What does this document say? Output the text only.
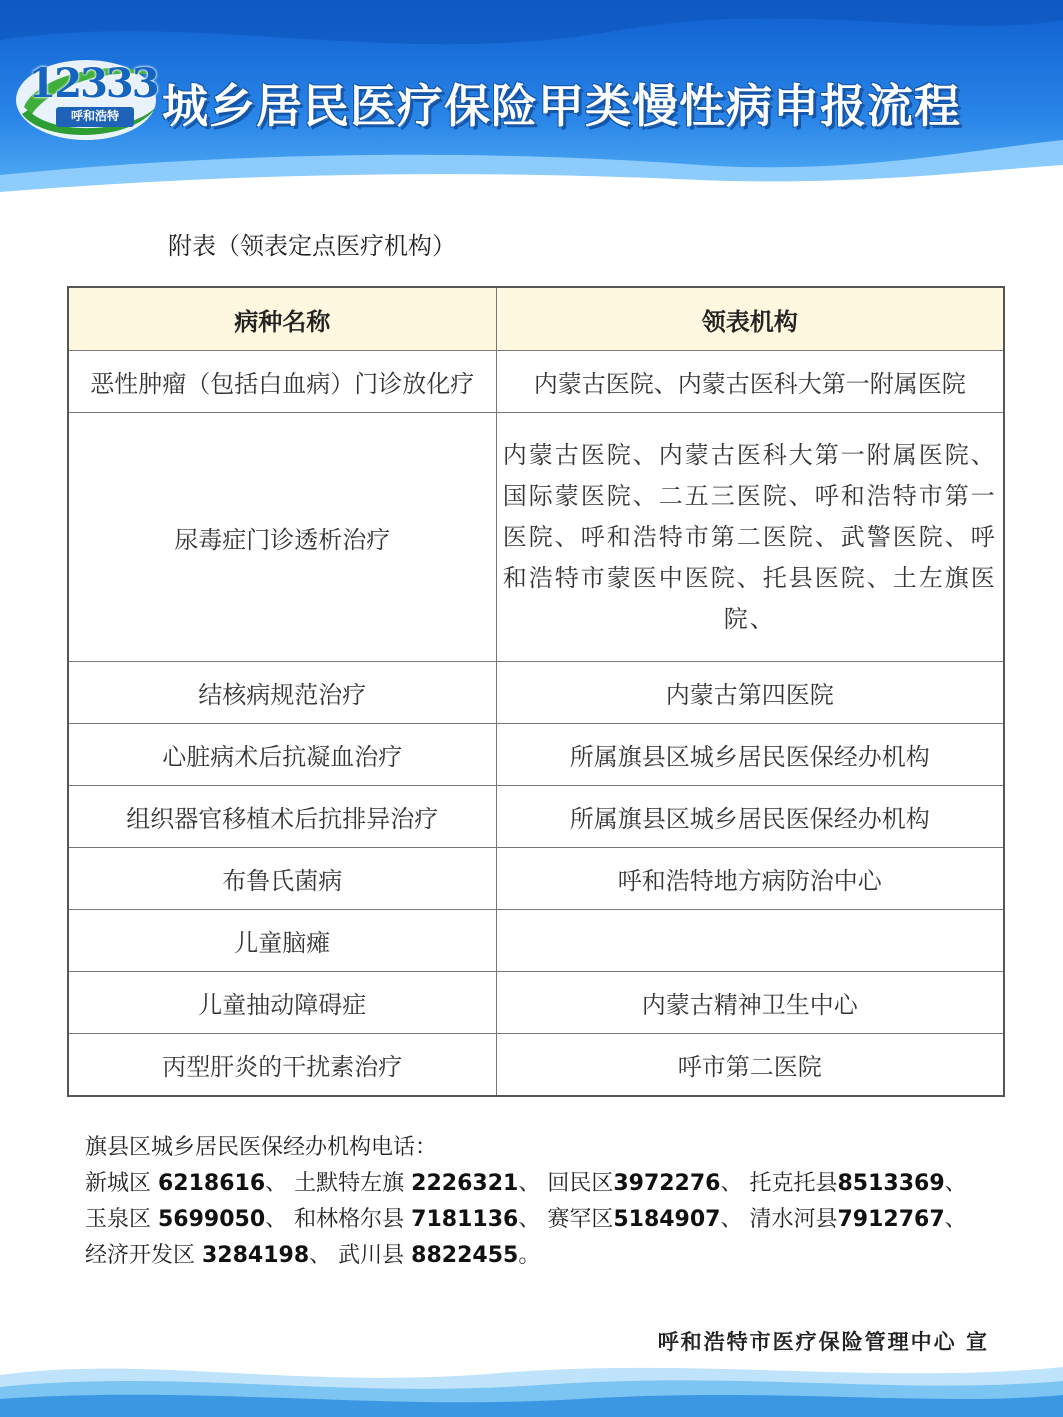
12333
呼和浩特 城乡居民医疗保险甲类慢性病申报流程
附表（领表定点医疗机构）
病种名称	领表机构
恶性肿瘤（包括白血病）门诊放化疗	内蒙古医院、内蒙古医科大第一附属医院
尿毒症门诊透析治疗	内蒙古医院、内蒙古医科大第一附属医院、国际蒙医院、二五三医院、呼和浩特市第一医院、呼和浩特市第二医院、武警医院、呼和浩特市蒙医中医院、托县医院、土左旗医院、
结核病规范治疗	内蒙古第四医院
心脏病术后抗凝血治疗	所属旗县区城乡居民医保经办机构
组织器官移植术后抗排异治疗	所属旗县区城乡居民医保经办机构
布鲁氏菌病	呼和浩特地方病防治中心
儿童脑瘫	
儿童抽动障碍症	内蒙古精神卫生中心
丙型肝炎的干扰素治疗	呼市第二医院
旗县区城乡居民医保经办机构电话：
新城区 6218616、 土默特左旗 2226321、 回民区3972276、 托克托县8513369、
玉泉区 5699050、 和林格尔县 7181136、 赛罕区5184907、 清水河县7912767、
经济开发区 3284198、 武川县 8822455。
呼和浩特市医疗保险管理中心 宣
